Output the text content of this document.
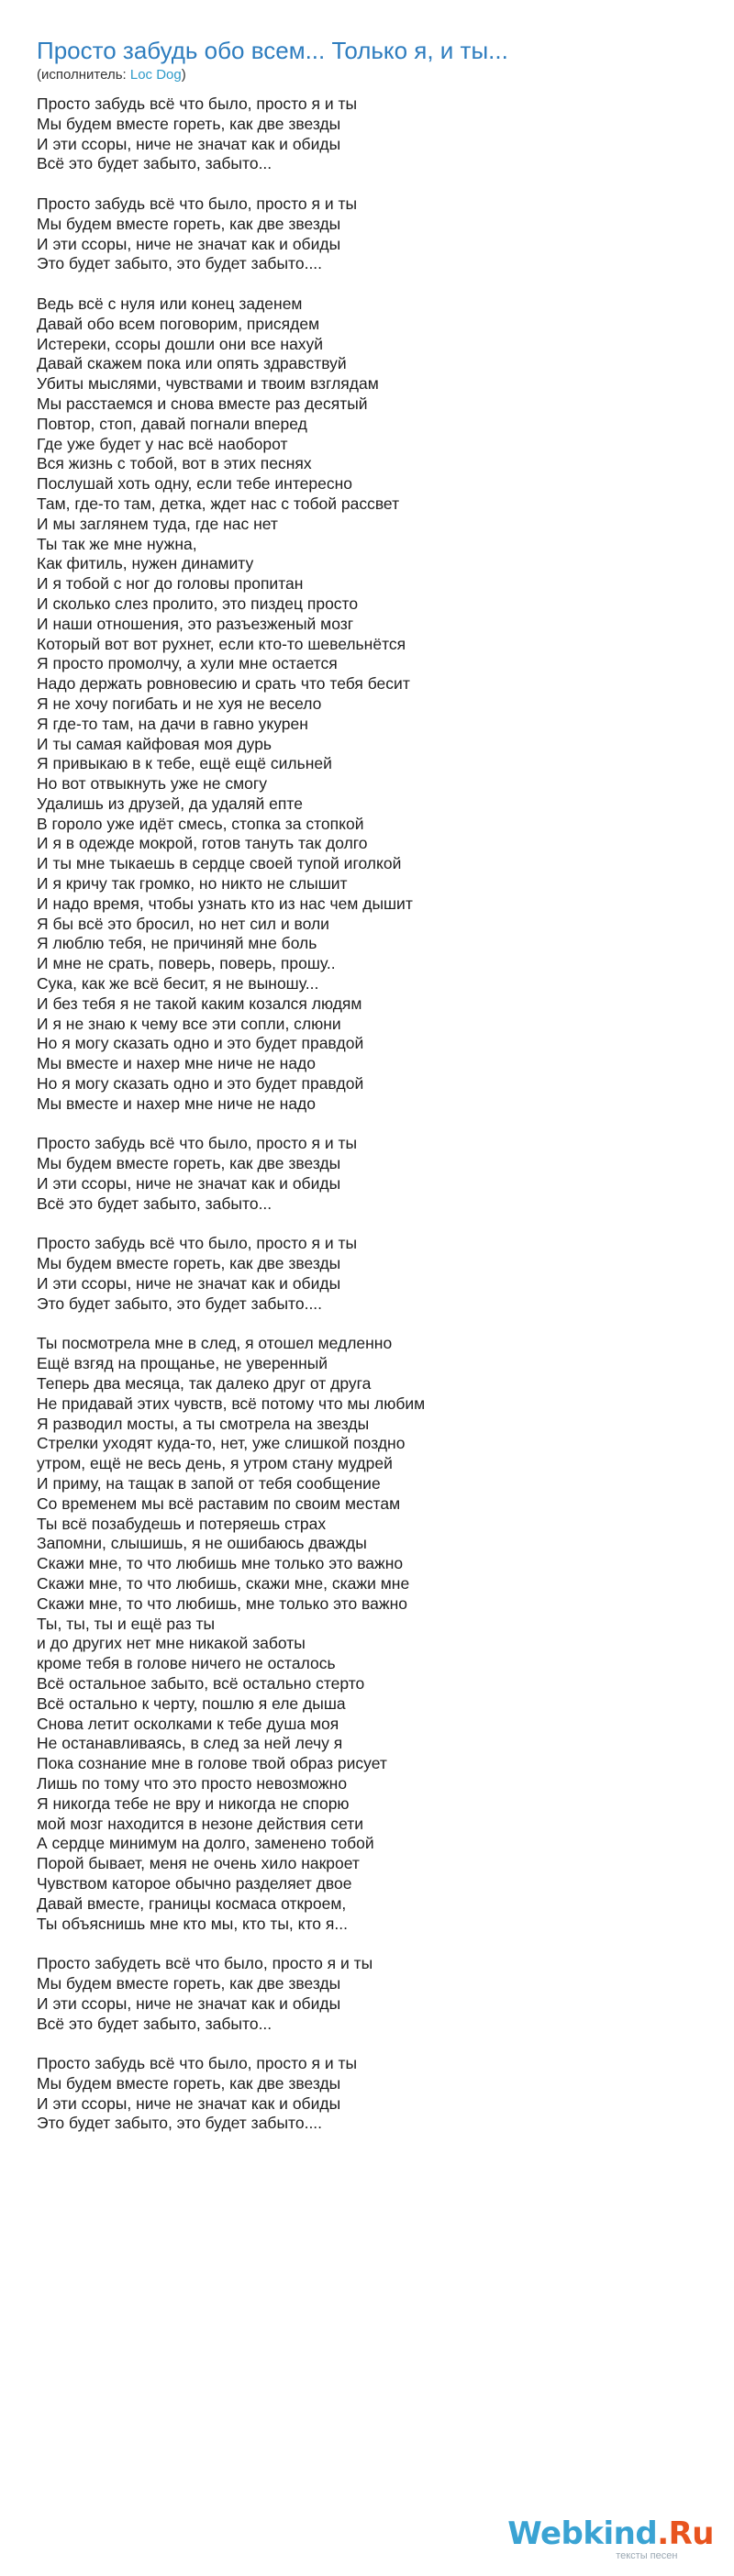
Просто забудь обо всем... Только я, и ты...
(исполнитель: Loc Dog)
Просто забудь всё что было, просто я и ты
Мы будем вместе гореть, как две звезды
И эти ссоры, ниче не значат как и обиды
Всё это будет забыто, забыто...
Просто забудь всё что было, просто я и ты
Мы будем вместе гореть, как две звезды
И эти ссоры, ниче не значат как и обиды
Это будет забыто, это будет забыто....
Ведь всё с нуля или конец заденем
Давай обо всем поговорим, присядем
Истереки, ссоры дошли они все нахуй
Давай скажем пока или опять здравствуй
Убиты мыслями, чувствами и твоим взглядам
Мы расстаемся и снова вместе раз десятый
Повтор, стоп, давай погнали вперед
Где уже будет у нас всё наоборот
Вся жизнь с тобой, вот в этих песнях
Послушай хоть одну, если тебе интересно
Там, где-то там, детка, ждет нас с тобой рассвет
И мы заглянем туда, где нас нет
Ты так же мне нужна,
Как фитиль, нужен динамиту
И я тобой с ног до головы пропитан
И сколько слез пролито, это пиздец просто
И наши отношения, это разъезженый мозг
Который вот вот рухнет, если кто-то шевельнётся
Я просто промолчу, а хули мне остается
Надо держать ровновесию и срать что тебя бесит
Я не хочу погибать и не хуя не весело
Я где-то там, на дачи в гавно укурен
И ты самая кайфовая моя дурь
Я привыкаю в к тебе, ещё ещё сильней
Но вот отвыкнуть уже не смогу
Удалишь из друзей, да удаляй епте
В гороло уже идёт смесь, стопка за стопкой
И я в одежде мокрой, готов тануть так долго
И ты мне тыкаешь в сердце своей тупой иголкой
И я кричу так громко, но никто не слышит
И надо время, чтобы узнать кто из нас чем дышит
Я бы всё это бросил, но нет сил и воли
Я люблю тебя, не причиняй мне боль
И мне не срать, поверь, поверь, прошу..
Сука, как же всё бесит, я не выношу...
И без тебя я не такой каким козался людям
И я не знаю к чему все эти сопли, слюни
Но я могу сказать одно и это будет правдой
Мы вместе и нахер мне ниче не надо
Но я могу сказать одно и это будет правдой
Мы вместе и нахер мне ниче не надо
Просто забудь всё что было, просто я и ты
Мы будем вместе гореть, как две звезды
И эти ссоры, ниче не значат как и обиды
Всё это будет забыто, забыто...
Просто забудь всё что было, просто я и ты
Мы будем вместе гореть, как две звезды
И эти ссоры, ниче не значат как и обиды
Это будет забыто, это будет забыто....
Ты посмотрела мне в след, я отошел медленно
Ещё взгяд на прощанье, не уверенный
Теперь два месяца, так далеко друг от друга
Не придавай этих чувств, всё потому что мы любим
Я разводил мосты, а ты смотрела на звезды
Стрелки уходят куда-то, нет, уже слишкой поздно
утром, ещё не весь день, я утром стану мудрей
И приму, на тащак в запой от тебя сообщение
Со временем мы всё раставим по своим местам
Ты всё позабудешь и потеряешь страх
Запомни, слышишь, я не ошибаюсь дважды
Скажи мне, то что любишь мне только это важно
Скажи мне, то что любишь, скажи мне, скажи мне
Скажи мне, то что любишь, мне только это важно
Ты, ты, ты и ещё раз ты
и до других нет мне никакой заботы
кроме тебя в голове ничего не осталось
Всё остальное забыто, всё остально стерто
Всё остально к черту, пошлю я еле дыша
Снова летит осколками к тебе душа моя
Не останавливаясь, в след за ней лечу я
Пока сознание мне в голове твой образ рисует
Лишь по тому что это просто невозможно
Я никогда тебе не вру и никогда не спорю
мой мозг находится в незоне действия сети
А сердце минимум на долго, заменено тобой
Порой бывает, меня не очень хило накроет
Чувством каторое обычно разделяет двое
Давай вместе, границы космаса откроем,
Ты объяснишь мне кто мы, кто ты, кто я...
Просто забудеть всё что было, просто я и ты
Мы будем вместе гореть, как две звезды
И эти ссоры, ниче не значат как и обиды
Всё это будет забыто, забыто...
Просто забудь всё что было, просто я и ты
Мы будем вместе гореть, как две звезды
И эти ссоры, ниче не значат как и обиды
Это будет забыто, это будет забыто....
Webkind.Ru
тексты песен
